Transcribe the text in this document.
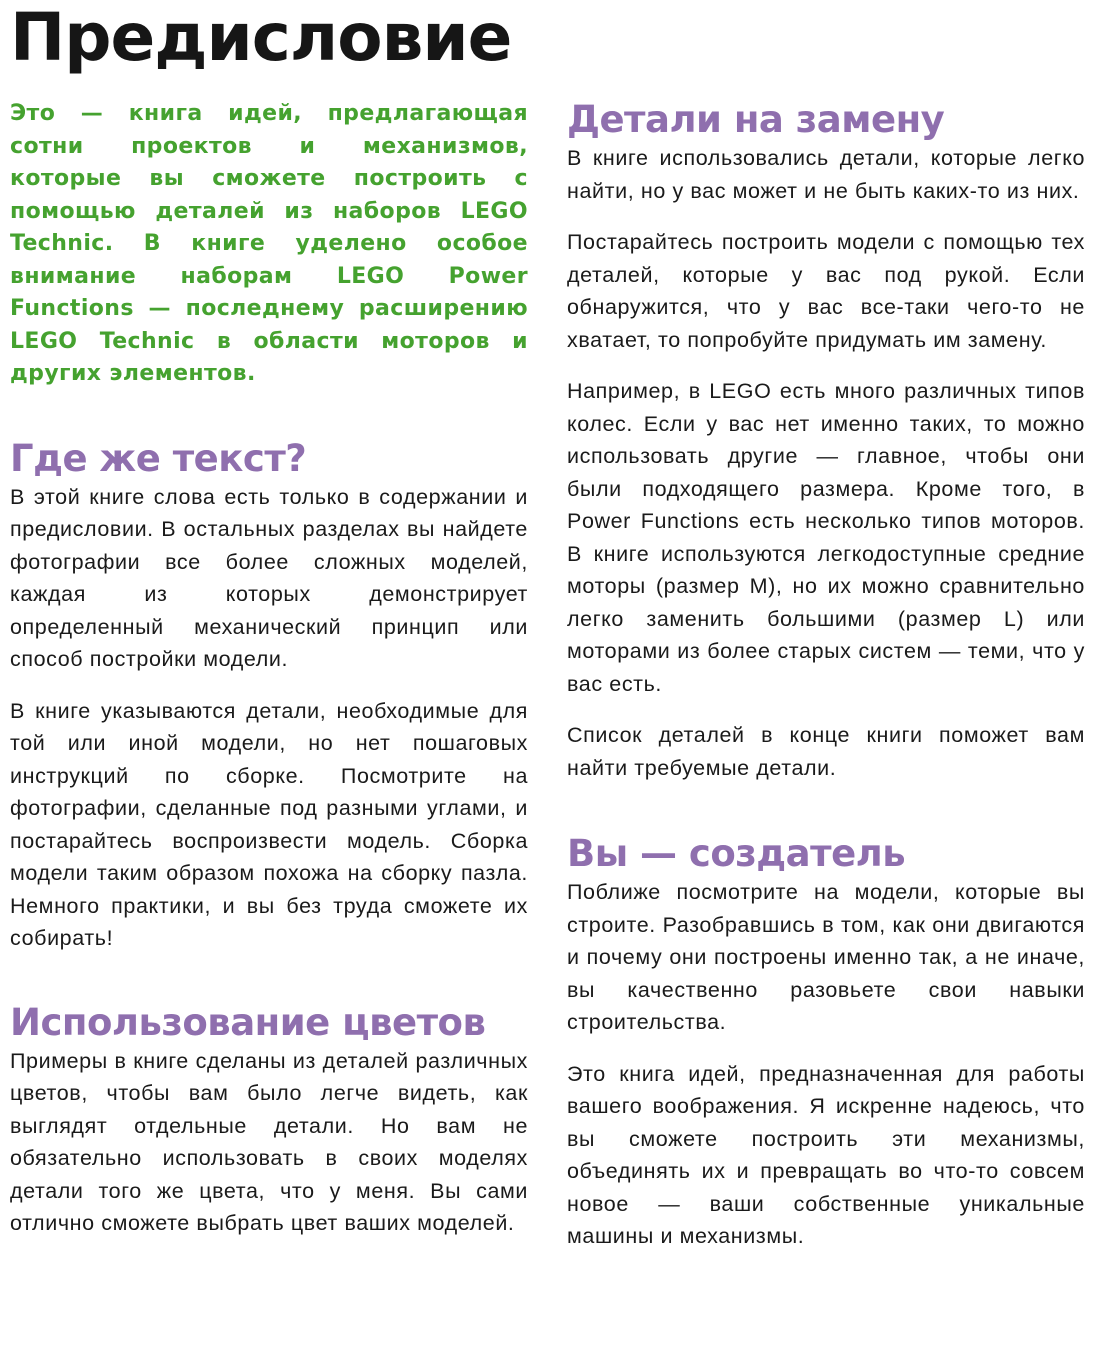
Предисловие

Это — книга идей, предлагающая сотни проектов и механизмов, которые вы сможете построить с помощью деталей из наборов LEGO Technic. В книге уделено особое внимание наборам LEGO Power Functions — последнему расширению LEGO Technic в области моторов и других элементов.

Где же текст?

В этой книге слова есть только в содержании и предисловии. В остальных разделах вы найдете фотографии все более сложных моделей, каждая из которых демонстрирует определенный механический принцип или способ постройки модели.

В книге указываются детали, необходимые для той или иной модели, но нет пошаговых инструкций по сборке. Посмотрите на фотографии, сделанные под разными углами, и постарайтесь воспроизвести модель. Сборка модели таким образом похожа на сборку пазла. Немного практики, и вы без труда сможете их собирать!

Использование цветов

Примеры в книге сделаны из деталей различных цветов, чтобы вам было легче видеть, как выглядят отдельные детали. Но вам не обязательно использовать в своих моделях детали того же цвета, что у меня. Вы сами отлично сможете выбрать цвет ваших моделей.

Детали на замену

В книге использовались детали, которые легко найти, но у вас может и не быть каких-то из них.

Постарайтесь построить модели с помощью тех деталей, которые у вас под рукой. Если обнаружится, что у вас все-таки чего-то не хватает, то попробуйте придумать им замену.

Например, в LEGO есть много различных типов колес. Если у вас нет именно таких, то можно использовать другие — главное, чтобы они были подходящего размера. Кроме того, в Power Functions есть несколько типов моторов. В книге используются легкодоступные средние моторы (размер M), но их можно сравнительно легко заменить большими (размер L) или моторами из более старых систем — теми, что у вас есть.

Список деталей в конце книги поможет вам найти требуемые детали.

Вы — создатель

Поближе посмотрите на модели, которые вы строите. Разобравшись в том, как они двигаются и почему они построены именно так, а не иначе, вы качественно разовьете свои навыки строительства.

Это книга идей, предназначенная для работы вашего воображения. Я искренне надеюсь, что вы сможете построить эти механизмы, объединять их и превращать во что-то совсем новое — ваши собственные уникальные машины и механизмы.
